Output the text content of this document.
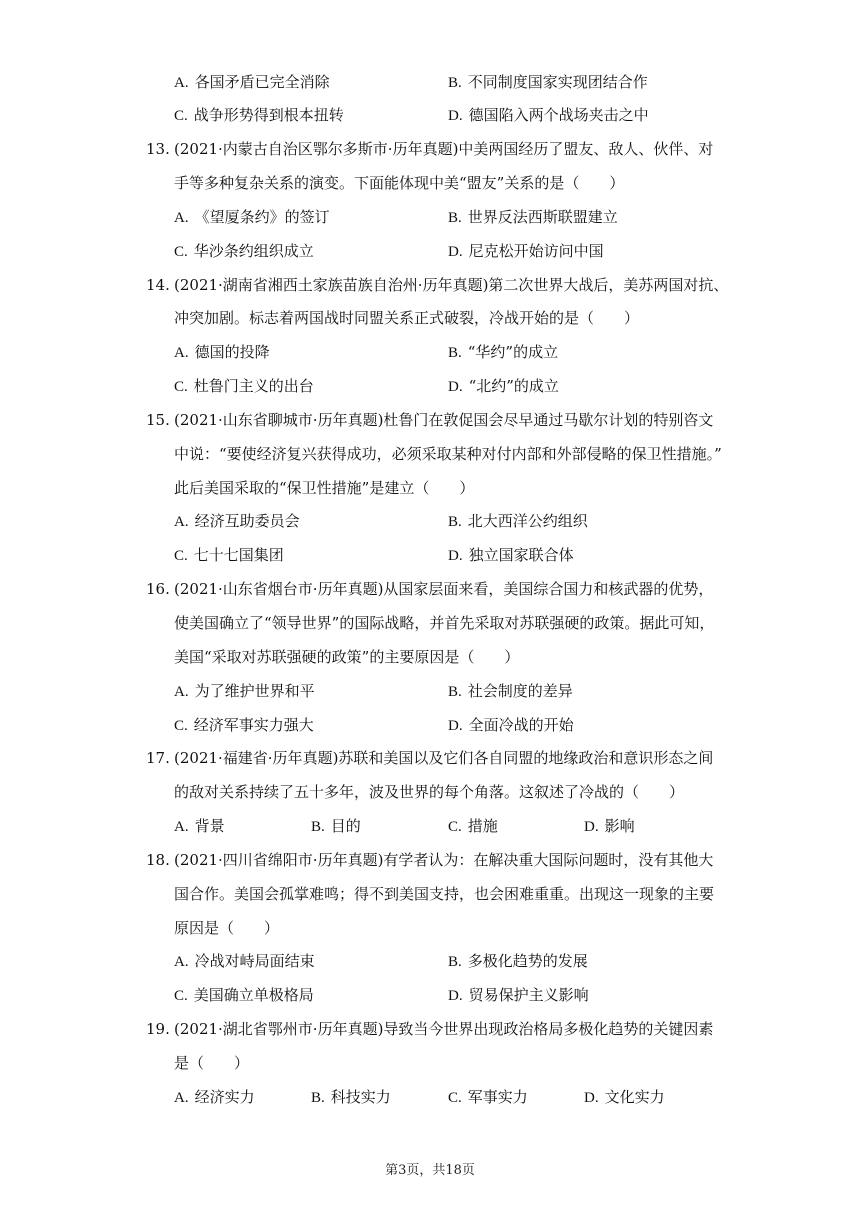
A. 各国矛盾已完全消除	B. 不同制度国家实现团结合作
C. 战争形势得到根本扭转	D. 德国陷入两个战场夹击之中
13. (2021·内蒙古自治区鄂尔多斯市·历年真题)中美两国经历了盟友、敌人、伙伴、对
手等多种复杂关系的演变。下面能体现中美“盟友”关系的是（　　）
A. 《望厦条约》的签订	B. 世界反法西斯联盟建立
C. 华沙条约组织成立	D. 尼克松开始访问中国
14. (2021·湖南省湘西土家族苗族自治州·历年真题)第二次世界大战后，美苏两国对抗、
冲突加剧。标志着两国战时同盟关系正式破裂，冷战开始的是（　　）
A. 德国的投降	B. “华约”的成立
C. 杜鲁门主义的出台	D. “北约”的成立
15. (2021·山东省聊城市·历年真题)杜鲁门在敦促国会尽早通过马歇尔计划的特别咨文
中说：“要使经济复兴获得成功，必须采取某种对付内部和外部侵略的保卫性措施。”
此后美国采取的“保卫性措施”是建立（　　）
A. 经济互助委员会	B. 北大西洋公约组织
C. 七十七国集团	D. 独立国家联合体
16. (2021·山东省烟台市·历年真题)从国家层面来看，美国综合国力和核武器的优势，
使美国确立了“领导世界”的国际战略，并首先采取对苏联强硬的政策。据此可知，
美国“采取对苏联强硬的政策”的主要原因是（　　）
A. 为了维护世界和平	B. 社会制度的差异
C. 经济军事实力强大	D. 全面冷战的开始
17. (2021·福建省·历年真题)苏联和美国以及它们各自同盟的地缘政治和意识形态之间
的敌对关系持续了五十多年，波及世界的每个角落。这叙述了冷战的（　　）
A. 背景	B. 目的	C. 措施	D. 影响
18. (2021·四川省绵阳市·历年真题)有学者认为：在解决重大国际问题时，没有其他大
国合作。美国会孤掌难鸣；得不到美国支持，也会困难重重。出现这一现象的主要
原因是（　　）
A. 冷战对峙局面结束	B. 多极化趋势的发展
C. 美国确立单极格局	D. 贸易保护主义影响
19. (2021·湖北省鄂州市·历年真题)导致当今世界出现政治格局多极化趋势的关键因素
是（　　）
A. 经济实力	B. 科技实力	C. 军事实力	D. 文化实力
第3页，共18页
